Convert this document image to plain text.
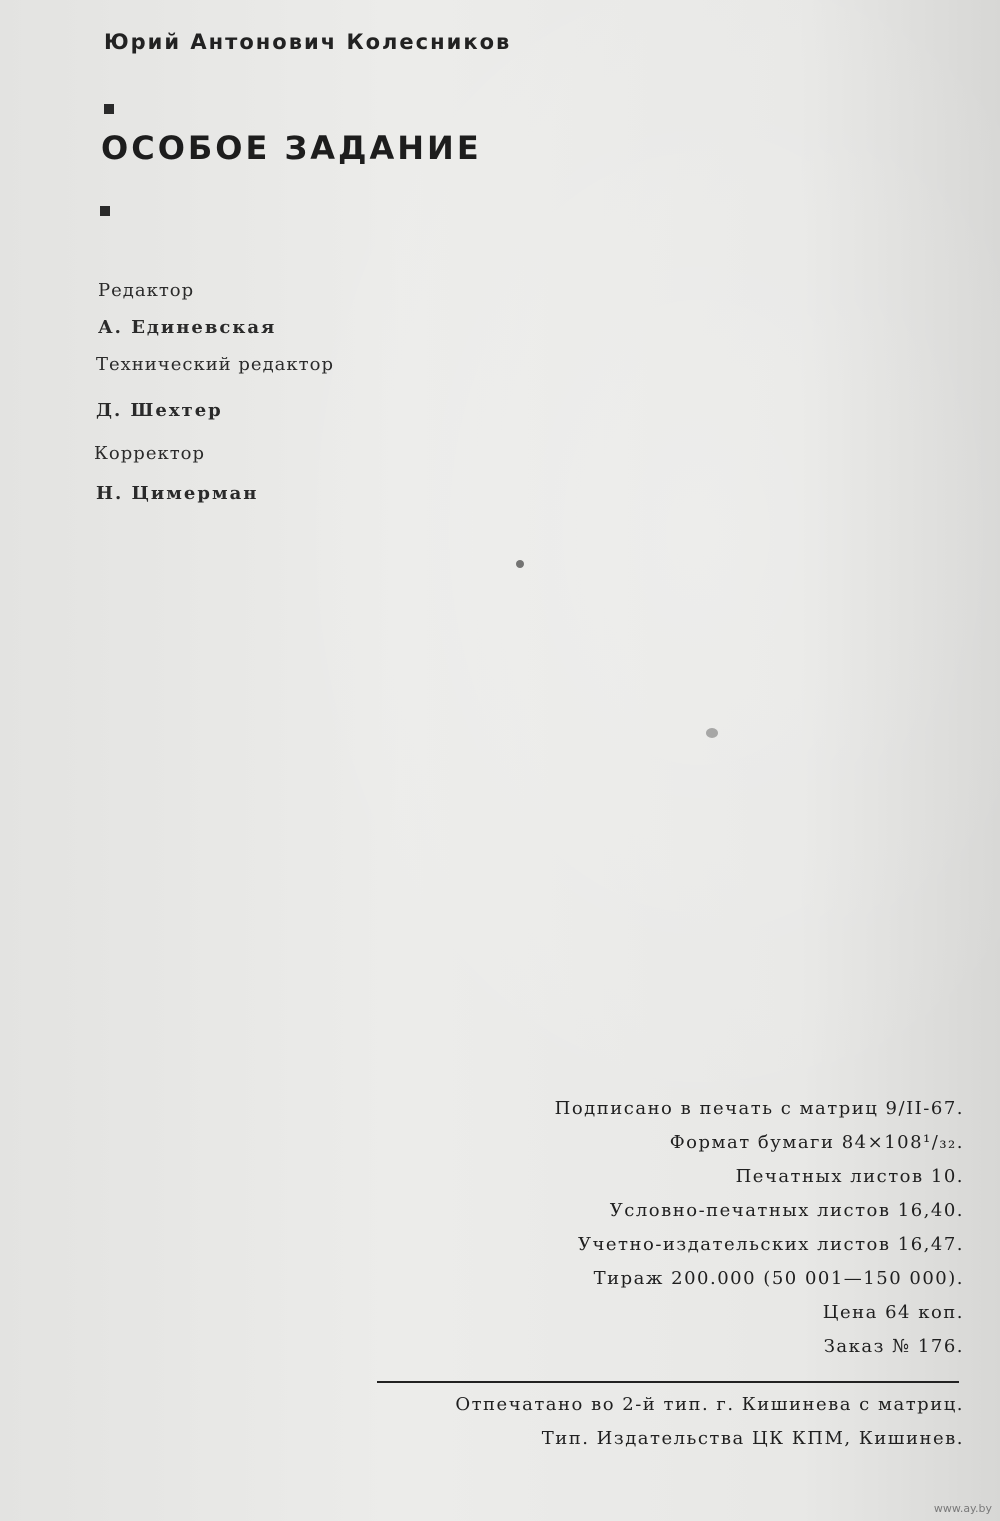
Юрий Антонович Колесников
ОСОБОЕ ЗАДАНИЕ
Редактор
А. Единевская
Технический редактор
Д. Шехтер
Корректор
Н. Цимерман
Подписано в печать с матриц 9/II-67.
Формат бумаги 84×108¹/₃₂.
Печатных листов 10.
Условно-печатных листов 16,40.
Учетно-издательских листов 16,47.
Тираж 200.000 (50 001—150 000).
Цена 64 коп.
Заказ № 176.
Отпечатано во 2-й тип. г. Кишинева с матриц.
Тип. Издательства ЦК КПМ, Кишинев.
www.ay.by
